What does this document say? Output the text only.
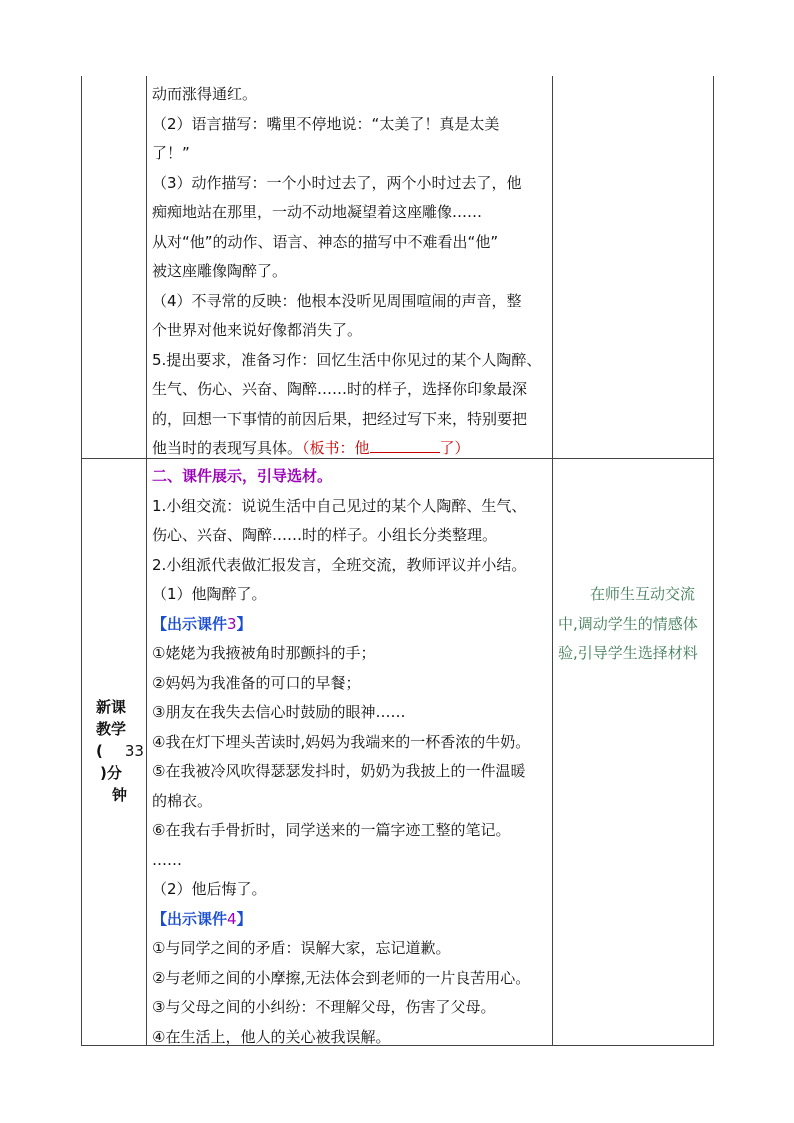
动而涨得通红。
（2）语言描写：嘴里不停地说：“太美了！真是太美
了！”
（3）动作描写：一个小时过去了，两个小时过去了，他
痴痴地站在那里，一动不动地凝望着这座雕像……
从对“他”的动作、语言、神态的描写中不难看出“他”
被这座雕像陶醉了。
（4）不寻常的反映：他根本没听见周围喧闹的声音，整
个世界对他来说好像都消失了。
5.提出要求，准备习作：回忆生活中你见过的某个人陶醉、
生气、伤心、兴奋、陶醉……时的样子，选择你印象最深
的，回想一下事情的前因后果，把经过写下来，特别要把
他当时的表现写具体。（板书：他	了）
新课
教学
( 33
)分
钟
二、课件展示，引导选材。
1.小组交流：说说生活中自己见过的某个人陶醉、生气、
伤心、兴奋、陶醉……时的样子。小组长分类整理。
2.小组派代表做汇报发言，全班交流，教师评议并小结。
（1）他陶醉了。
【出示课件3】
①姥姥为我掖被角时那颤抖的手；
②妈妈为我准备的可口的早餐；
③朋友在我失去信心时鼓励的眼神……
④我在灯下埋头苦读时,妈妈为我端来的一杯香浓的牛奶。
⑤在我被冷风吹得瑟瑟发抖时，奶奶为我披上的一件温暖
的棉衣。
⑥在我右手骨折时，同学送来的一篇字迹工整的笔记。
……
（2）他后悔了。
【出示课件4】
①与同学之间的矛盾：误解大家，忘记道歉。
②与老师之间的小摩擦,无法体会到老师的一片良苦用心。
③与父母之间的小纠纷：不理解父母，伤害了父母。
④在生活上，他人的关心被我误解。
在师生互动交流
中,调动学生的情感体
验,引导学生选择材料
